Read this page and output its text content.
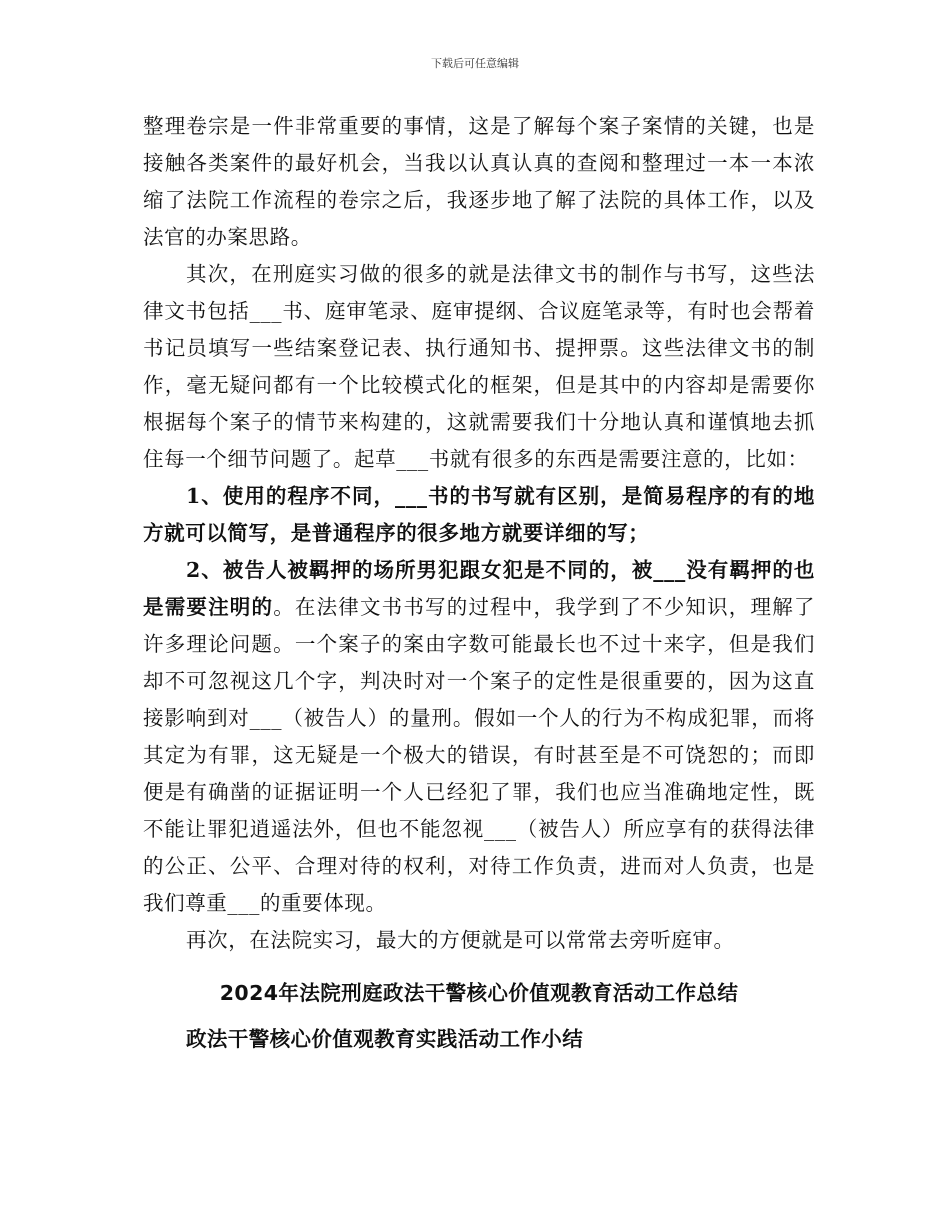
下载后可任意编辑

整理卷宗是一件非常重要的事情，这是了解每个案子案情的关键，也是接触各类案件的最好机会，当我以认真认真的查阅和整理过一本一本浓缩了法院工作流程的卷宗之后，我逐步地了解了法院的具体工作，以及法官的办案思路。

其次，在刑庭实习做的很多的就是法律文书的制作与书写，这些法律文书包括___书、庭审笔录、庭审提纲、合议庭笔录等，有时也会帮着书记员填写一些结案登记表、执行通知书、提押票。这些法律文书的制作，毫无疑问都有一个比较模式化的框架，但是其中的内容却是需要你根据每个案子的情节来构建的，这就需要我们十分地认真和谨慎地去抓住每一个细节问题了。起草___书就有很多的东西是需要注意的，比如：

1、使用的程序不同，___书的书写就有区别，是简易程序的有的地方就可以简写，是普通程序的很多地方就要详细的写；

2、被告人被羁押的场所男犯跟女犯是不同的，被___没有羁押的也是需要注明的。在法律文书书写的过程中，我学到了不少知识，理解了许多理论问题。一个案子的案由字数可能最长也不过十来字，但是我们却不可忽视这几个字，判决时对一个案子的定性是很重要的，因为这直接影响到对___（被告人）的量刑。假如一个人的行为不构成犯罪，而将其定为有罪，这无疑是一个极大的错误，有时甚至是不可饶恕的；而即便是有确凿的证据证明一个人已经犯了罪，我们也应当准确地定性，既不能让罪犯逍遥法外，但也不能忽视___（被告人）所应享有的获得法律的公正、公平、合理对待的权利，对待工作负责，进而对人负责，也是我们尊重___的重要体现。

再次，在法院实习，最大的方便就是可以常常去旁听庭审。

2024年法院刑庭政法干警核心价值观教育活动工作总结
政法干警核心价值观教育实践活动工作小结
